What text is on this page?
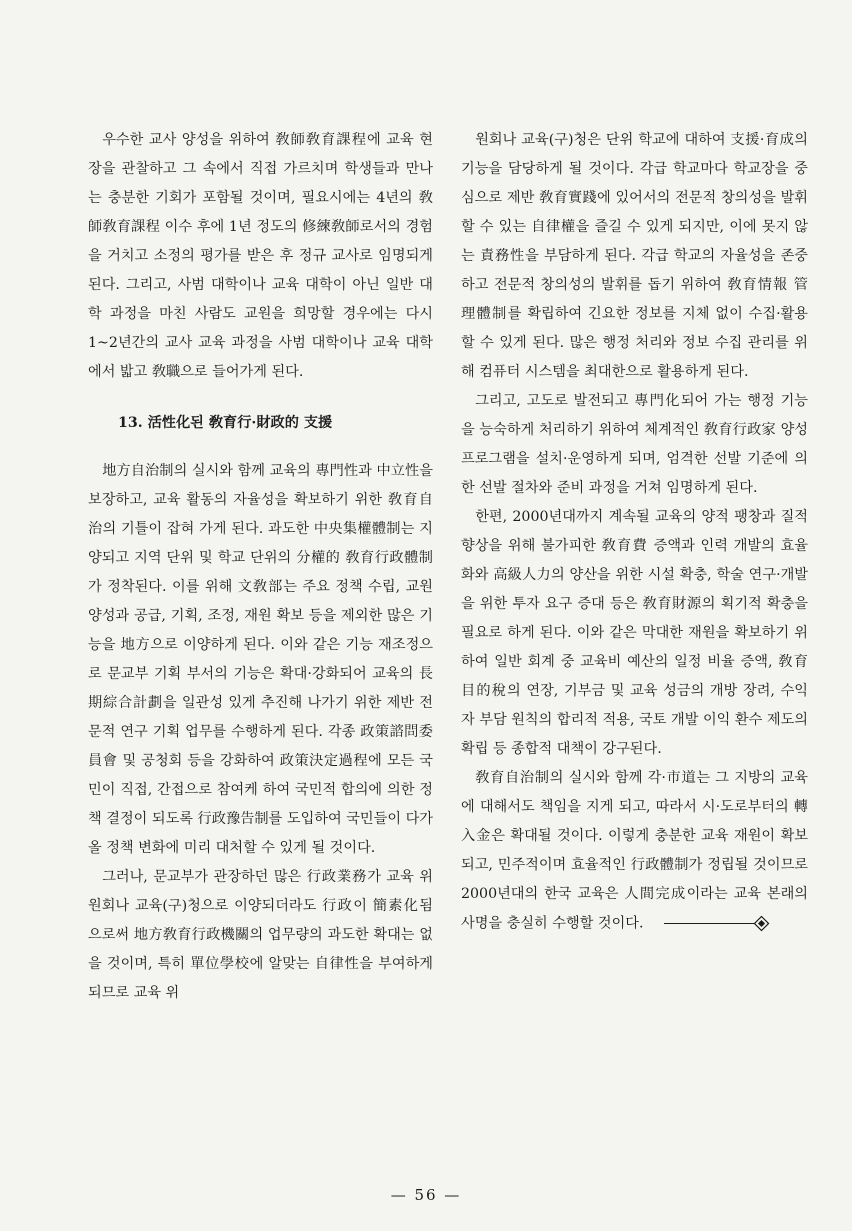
우수한 교사 양성을 위하여 敎師敎育課程에 교육 현장을 관찰하고 그 속에서 직접 가르치며 학생들과 만나는 충분한 기회가 포함될 것이며, 필요시에는 4년의 敎師敎育課程 이수 후에 1년 정도의 修練敎師로서의 경험을 거치고 소정의 평가를 받은 후 정규 교사로 임명되게 된다. 그리고, 사범 대학이나 교육 대학이 아닌 일반 대학 과정을 마친 사람도 교원을 희망할 경우에는 다시 1~2년간의 교사 교육 과정을 사범 대학이나 교육 대학에서 밟고 敎職으로 들어가게 된다.

13. 活性化된 敎育行·財政的 支援

地方自治制의 실시와 함께 교육의 專門性과 中立性을 보장하고, 교육 활동의 자율성을 확보하기 위한 敎育自治의 기틀이 잡혀 가게 된다. 과도한 中央集權體制는 지양되고 지역 단위 및 학교 단위의 分權的 敎育行政體制가 정착된다. 이를 위해 文敎部는 주요 정책 수립, 교원 양성과 공급, 기획, 조정, 재원 확보 등을 제외한 많은 기능을 地方으로 이양하게 된다. 이와 같은 기능 재조정으로 문교부 기획 부서의 기능은 확대·강화되어 교육의 長期綜合計劃을 일관성 있게 추진해 나가기 위한 제반 전문적 연구 기획 업무를 수행하게 된다. 각종 政策諮問委員會 및 공청회 등을 강화하여 政策決定過程에 모든 국민이 직접, 간접으로 참여케 하여 국민적 합의에 의한 정책 결정이 되도록 行政豫告制를 도입하여 국민들이 다가올 정책 변화에 미리 대처할 수 있게 될 것이다.

그러나, 문교부가 관장하던 많은 行政業務가 교육 위원회나 교육(구)청으로 이양되더라도 行政이 簡素化됨으로써 地方敎育行政機關의 업무량의 과도한 확대는 없을 것이며, 특히 單位學校에 알맞는 自律性을 부여하게 되므로 교육 위

원회나 교육(구)청은 단위 학교에 대하여 支援·育成의 기능을 담당하게 될 것이다. 각급 학교마다 학교장을 중심으로 제반 敎育實踐에 있어서의 전문적 창의성을 발휘할 수 있는 自律權을 즐길 수 있게 되지만, 이에 못지 않는 責務性을 부담하게 된다. 각급 학교의 자율성을 존중하고 전문적 창의성의 발휘를 돕기 위하여 敎育情報 管理體制를 확립하여 긴요한 정보를 지체 없이 수집·활용할 수 있게 된다. 많은 행정 처리와 정보 수집 관리를 위해 컴퓨터 시스템을 최대한으로 활용하게 된다.

그리고, 고도로 발전되고 專門化되어 가는 행정 기능을 능숙하게 처리하기 위하여 체계적인 敎育行政家 양성 프로그램을 설치·운영하게 되며, 엄격한 선발 기준에 의한 선발 절차와 준비 과정을 거쳐 임명하게 된다.

한편, 2000년대까지 계속될 교육의 양적 팽창과 질적 향상을 위해 불가피한 敎育費 증액과 인력 개발의 효율화와 高級人力의 양산을 위한 시설 확충, 학술 연구·개발을 위한 투자 요구 증대 등은 敎育財源의 획기적 확충을 필요로 하게 된다. 이와 같은 막대한 재원을 확보하기 위하여 일반 회계 중 교육비 예산의 일정 비율 증액, 敎育目的稅의 연장, 기부금 및 교육 성금의 개방 장려, 수익자 부담 원칙의 합리적 적용, 국토 개발 이익 환수 제도의 확립 등 종합적 대책이 강구된다.

敎育自治制의 실시와 함께 각·市道는 그 지방의 교육에 대해서도 책임을 지게 되고, 따라서 시·도로부터의 轉入金은 확대될 것이다. 이렇게 충분한 교육 재원이 확보되고, 민주적이며 효율적인 行政體制가 정립될 것이므로 2000년대의 한국 교육은 人間完成이라는 교육 본래의 사명을 충실히 수행할 것이다.

— 56 —
